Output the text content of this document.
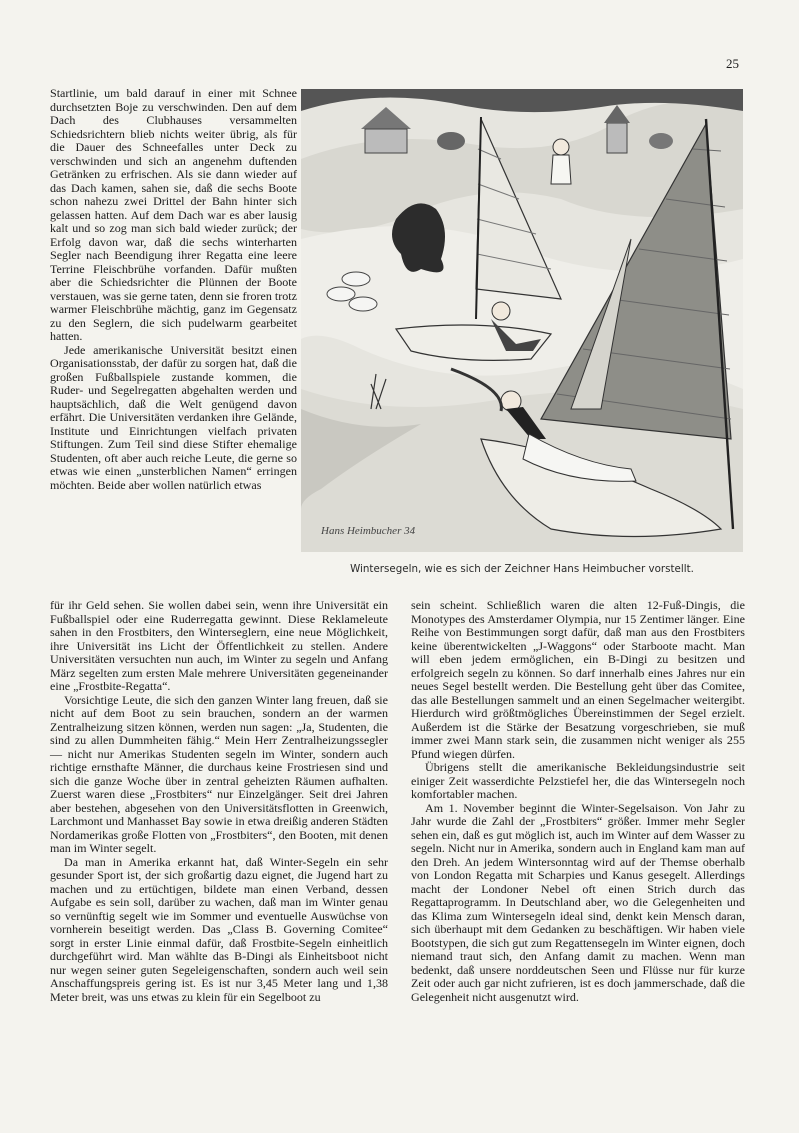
25

Startlinie, um bald darauf in einer mit Schnee durchsetzten Boje zu verschwinden. Den auf dem Dach des Clubhauses versammelten Schiedsrichtern blieb nichts weiter übrig, als für die Dauer des Schneefalles unter Deck zu verschwinden und sich an angenehm duftenden Getränken zu erfrischen. Als sie dann wieder auf das Dach kamen, sahen sie, daß die sechs Boote schon nahezu zwei Drittel der Bahn hinter sich gelassen hatten. Auf dem Dach war es aber lausig kalt und so zog man sich bald wieder zurück; der Erfolg davon war, daß die sechs winterharten Segler nach Beendigung ihrer Regatta eine leere Terrine Fleischbrühe vorfanden. Dafür mußten aber die Schiedsrichter die Plünnen der Boote verstauen, was sie gerne taten, denn sie froren trotz warmer Fleischbrühe mächtig, ganz im Gegensatz zu den Seglern, die sich pudelwarm gearbeitet hatten.

Jede amerikanische Universität besitzt einen Organisationsstab, der dafür zu sorgen hat, daß die großen Fußballspiele zustande kommen, die Ruder- und Segelregatten abgehalten werden und hauptsächlich, daß die Welt genügend davon erfährt. Die Universitäten verdanken ihre Gelände, Institute und Einrichtungen vielfach privaten Stiftungen. Zum Teil sind diese Stifter ehemalige Studenten, oft aber auch reiche Leute, die gerne so etwas wie einen „unsterblichen Namen“ erringen möchten. Beide aber wollen natürlich etwas

Hans Heimbucher 34
Wintersegeln, wie es sich der Zeichner Hans Heimbucher vorstellt.

für ihr Geld sehen. Sie wollen dabei sein, wenn ihre Universität ein Fußballspiel oder eine Ruderregatta gewinnt. Diese Reklameleute sahen in den Frostbiters, den Winterseglern, eine neue Möglichkeit, ihre Universität ins Licht der Öffentlichkeit zu stellen. Andere Universitäten versuchten nun auch, im Winter zu segeln und Anfang März segelten zum ersten Male mehrere Universitäten gegeneinander eine „Frostbite-Regatta“.

Vorsichtige Leute, die sich den ganzen Winter lang freuen, daß sie nicht auf dem Boot zu sein brauchen, sondern an der warmen Zentralheizung sitzen können, werden nun sagen: „Ja, Studenten, die sind zu allen Dummheiten fähig.“ Mein Herr Zentralheizungssegler — nicht nur Amerikas Studenten segeln im Winter, sondern auch richtige ernsthafte Männer, die durchaus keine Frostriesen sind und sich die ganze Woche über in zentral geheizten Räumen aufhalten. Zuerst waren diese „Frostbiters“ nur Einzelgänger. Seit drei Jahren aber bestehen, abgesehen von den Universitätsflotten in Greenwich, Larchmont und Manhasset Bay sowie in etwa dreißig anderen Städten Nordamerikas große Flotten von „Frostbiters“, den Booten, mit denen man im Winter segelt.

Da man in Amerika erkannt hat, daß Winter-Segeln ein sehr gesunder Sport ist, der sich großartig dazu eignet, die Jugend hart zu machen und zu ertüchtigen, bildete man einen Verband, dessen Aufgabe es sein soll, darüber zu wachen, daß man im Winter genau so vernünftig segelt wie im Sommer und eventuelle Auswüchse von vornherein beseitigt werden. Das „Class B. Governing Comitee“ sorgt in erster Linie einmal dafür, daß Frostbite-Segeln einheitlich durchgeführt wird. Man wählte das B-Dingi als Einheitsboot nicht nur wegen seiner guten Segeleigenschaften, sondern auch weil sein Anschaffungspreis gering ist. Es ist nur 3,45 Meter lang und 1,38 Meter breit, was uns etwas zu klein für ein Segelboot zu

sein scheint. Schließlich waren die alten 12-Fuß-Dingis, die Monotypes des Amsterdamer Olympia, nur 15 Zentimer länger. Eine Reihe von Bestimmungen sorgt dafür, daß man aus den Frostbiters keine überentwickelten „J-Waggons“ oder Starboote macht. Man will eben jedem ermöglichen, ein B-Dingi zu besitzen und erfolgreich segeln zu können. So darf innerhalb eines Jahres nur ein neues Segel bestellt werden. Die Bestellung geht über das Comitee, das alle Bestellungen sammelt und an einen Segelmacher weitergibt. Hierdurch wird größtmögliches Übereinstimmen der Segel erzielt. Außerdem ist die Stärke der Besatzung vorgeschrieben, sie muß immer zwei Mann stark sein, die zusammen nicht weniger als 255 Pfund wiegen dürfen.

Übrigens stellt die amerikanische Bekleidungsindustrie seit einiger Zeit wasserdichte Pelzstiefel her, die das Wintersegeln noch komfortabler machen.

Am 1. November beginnt die Winter-Segelsaison. Von Jahr zu Jahr wurde die Zahl der „Frostbiters“ größer. Immer mehr Segler sehen ein, daß es gut möglich ist, auch im Winter auf dem Wasser zu segeln. Nicht nur in Amerika, sondern auch in England kam man auf den Dreh. An jedem Wintersonntag wird auf der Themse oberhalb von London Regatta mit Scharpies und Kanus gesegelt. Allerdings macht der Londoner Nebel oft einen Strich durch das Regattaprogramm. In Deutschland aber, wo die Gelegenheiten und das Klima zum Wintersegeln ideal sind, denkt kein Mensch daran, sich überhaupt mit dem Gedanken zu beschäftigen. Wir haben viele Bootstypen, die sich gut zum Regattensegeln im Winter eignen, doch niemand traut sich, den Anfang damit zu machen. Wenn man bedenkt, daß unsere norddeutschen Seen und Flüsse nur für kurze Zeit oder auch gar nicht zufrieren, ist es doch jammerschade, daß die Gelegenheit nicht ausgenutzt wird.
